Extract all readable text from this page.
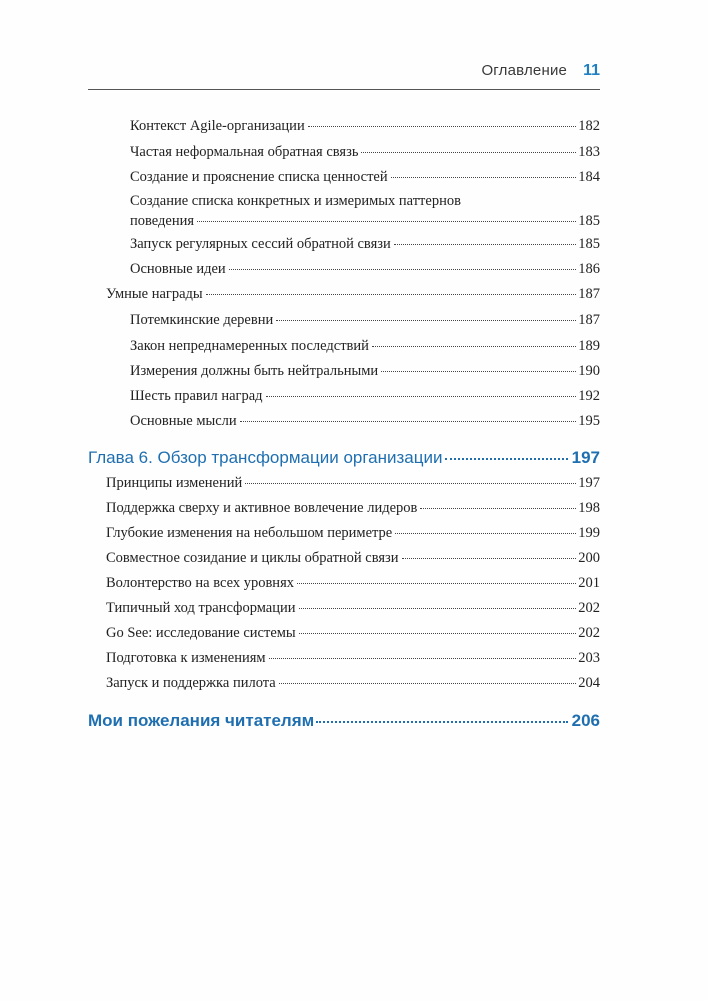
Оглавление 11
Контекст Agile-организации	182
Частая неформальная обратная связь	183
Создание и прояснение списка ценностей	184
Создание списка конкретных и измеримых паттернов
поведения	185
Запуск регулярных сессий обратной связи	185
Основные идеи	186
Умные награды	187
Потемкинские деревни	187
Закон непреднамеренных последствий	189
Измерения должны быть нейтральными	190
Шесть правил наград	192
Основные мысли	195
Глава 6. Обзор трансформации организации	197
Принципы изменений	197
Поддержка сверху и активное вовлечение лидеров	198
Глубокие изменения на небольшом периметре	199
Совместное созидание и циклы обратной связи	200
Волонтерство на всех уровнях	201
Типичный ход трансформации	202
Go See: исследование системы	202
Подготовка к изменениям	203
Запуск и поддержка пилота	204
Мои пожелания читателям	206
